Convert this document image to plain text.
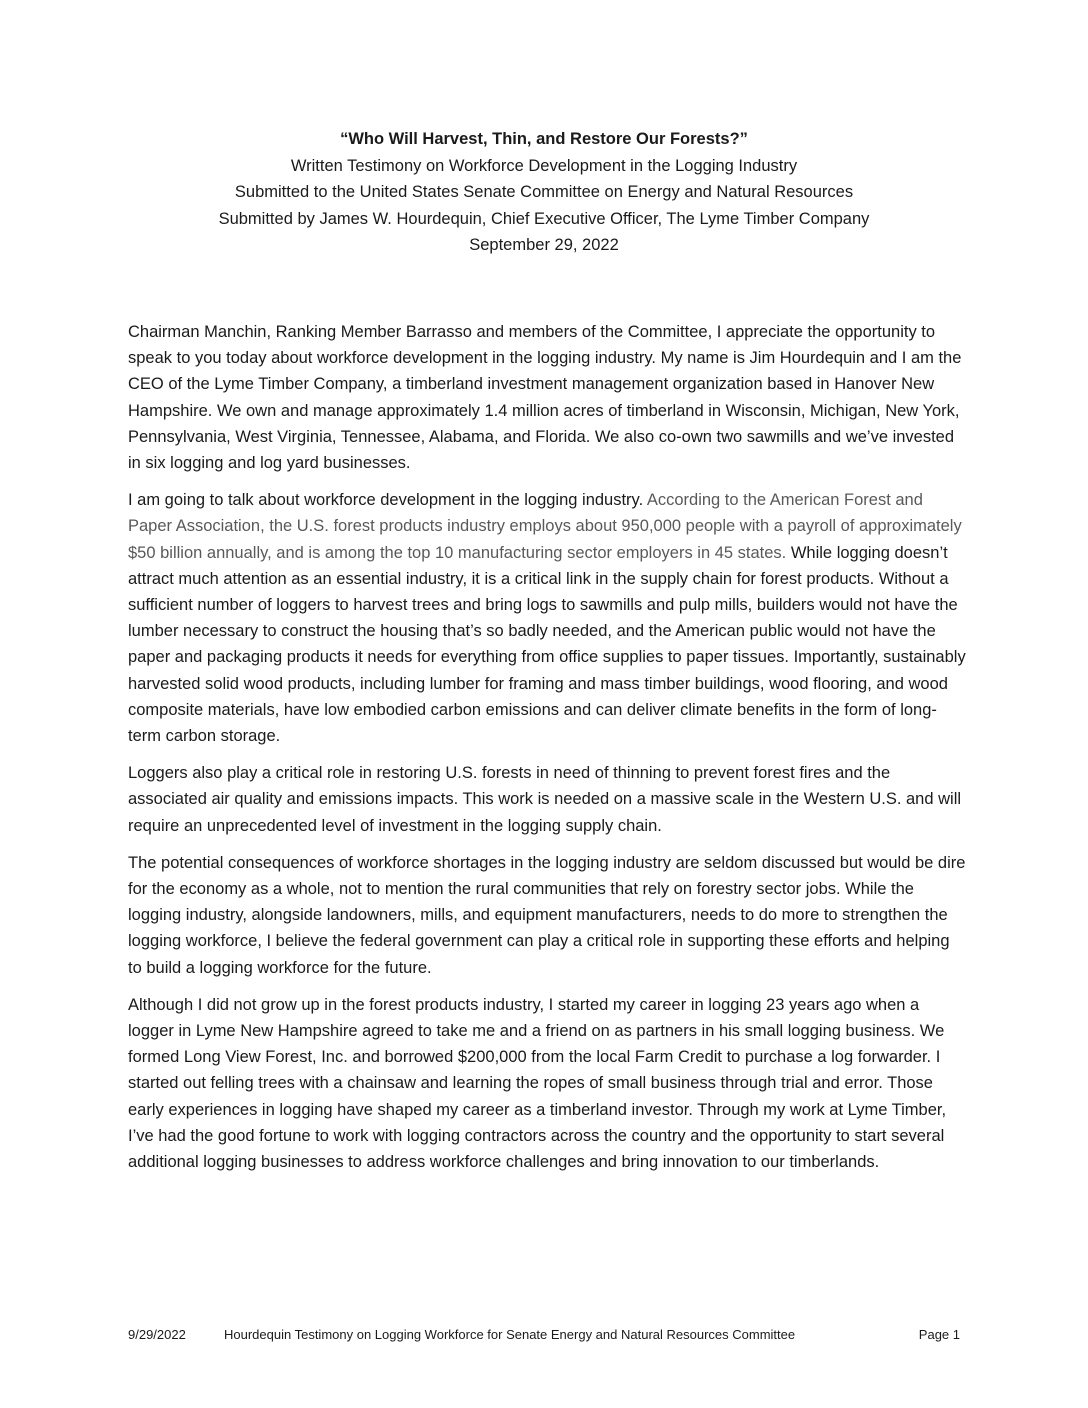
“Who Will Harvest, Thin, and Restore Our Forests?”
Written Testimony on Workforce Development in the Logging Industry
Submitted to the United States Senate Committee on Energy and Natural Resources
Submitted by James W. Hourdequin, Chief Executive Officer, The Lyme Timber Company
September 29, 2022

Chairman Manchin, Ranking Member Barrasso and members of the Committee, I appreciate the opportunity to speak to you today about workforce development in the logging industry. My name is Jim Hourdequin and I am the CEO of the Lyme Timber Company, a timberland investment management organization based in Hanover New Hampshire. We own and manage approximately 1.4 million acres of timberland in Wisconsin, Michigan, New York, Pennsylvania, West Virginia, Tennessee, Alabama, and Florida. We also co-own two sawmills and we’ve invested in six logging and log yard businesses.

I am going to talk about workforce development in the logging industry. According to the American Forest and Paper Association, the U.S. forest products industry employs about 950,000 people with a payroll of approximately $50 billion annually, and is among the top 10 manufacturing sector employers in 45 states. While logging doesn’t attract much attention as an essential industry, it is a critical link in the supply chain for forest products. Without a sufficient number of loggers to harvest trees and bring logs to sawmills and pulp mills, builders would not have the lumber necessary to construct the housing that’s so badly needed, and the American public would not have the paper and packaging products it needs for everything from office supplies to paper tissues. Importantly, sustainably harvested solid wood products, including lumber for framing and mass timber buildings, wood flooring, and wood composite materials, have low embodied carbon emissions and can deliver climate benefits in the form of long-term carbon storage.

Loggers also play a critical role in restoring U.S. forests in need of thinning to prevent forest fires and the associated air quality and emissions impacts. This work is needed on a massive scale in the Western U.S. and will require an unprecedented level of investment in the logging supply chain.

The potential consequences of workforce shortages in the logging industry are seldom discussed but would be dire for the economy as a whole, not to mention the rural communities that rely on forestry sector jobs. While the logging industry, alongside landowners, mills, and equipment manufacturers, needs to do more to strengthen the logging workforce, I believe the federal government can play a critical role in supporting these efforts and helping to build a logging workforce for the future.

Although I did not grow up in the forest products industry, I started my career in logging 23 years ago when a logger in Lyme New Hampshire agreed to take me and a friend on as partners in his small logging business. We formed Long View Forest, Inc. and borrowed $200,000 from the local Farm Credit to purchase a log forwarder. I started out felling trees with a chainsaw and learning the ropes of small business through trial and error. Those early experiences in logging have shaped my career as a timberland investor. Through my work at Lyme Timber, I’ve had the good fortune to work with logging contractors across the country and the opportunity to start several additional logging businesses to address workforce challenges and bring innovation to our timberlands.

9/29/2022	Hourdequin Testimony on Logging Workforce for Senate Energy and Natural Resources Committee	Page 1
